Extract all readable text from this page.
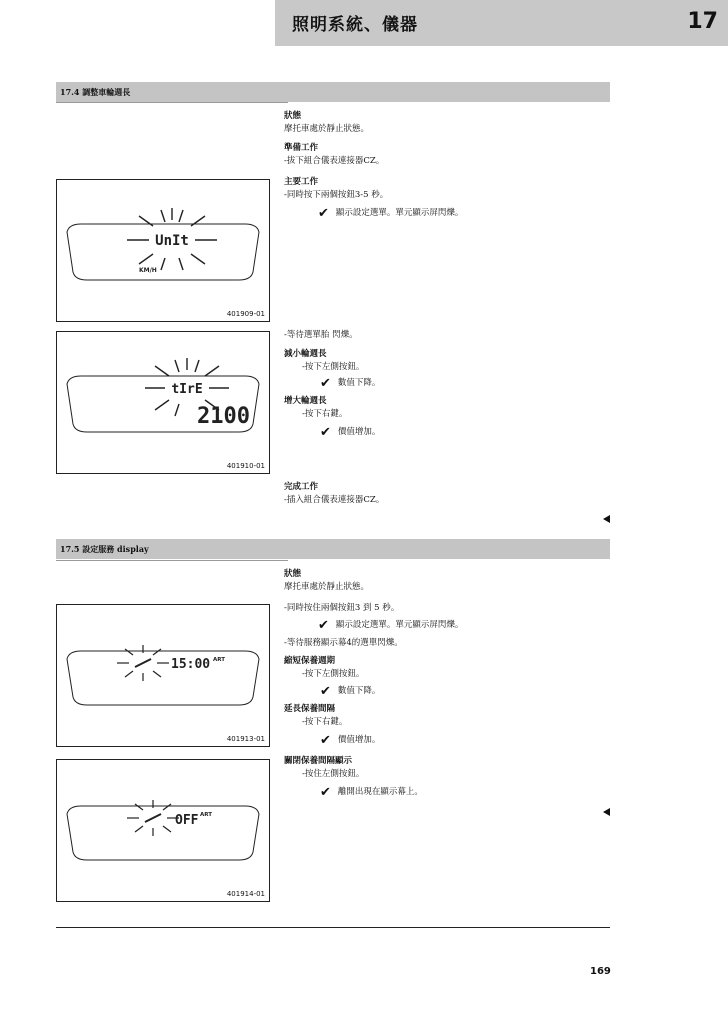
照明系統、儀器	17
17.4 調整車輪週長
狀態
摩托車處於靜止狀態。
準備工作
-拔下組合儀表連接器CZ。
主要工作
-同時按下兩個按鈕3-5 秒。
✔ 顯示設定選單。單元顯示屏閃爍。
-等待選單胎 閃爍。
減小輪週長
-按下左側按鈕。
✔ 數值下降。
增大輪週長
-按下右鍵。
✔ 價值增加。
完成工作
-插入組合儀表連接器CZ。
UnIt
KM/H
401909-01
tIrE
2100
401910-01
17.5 設定服務 display
狀態
摩托車處於靜止狀態。
-同時按住兩個按鈕3 到 5 秒。
✔ 顯示設定選單。單元顯示屏閃爍。
-等待服務顯示幕4的選單閃爍。
縮短保養週期
-按下左側按鈕。
✔ 數值下降。
延長保養間隔
-按下右鍵。
✔ 價值增加。
關閉保養間隔顯示
-按住左側按鈕。
✔ 離開出現在顯示幕上。
15:00 ART
401913-01
OFF ART
401914-01
169
